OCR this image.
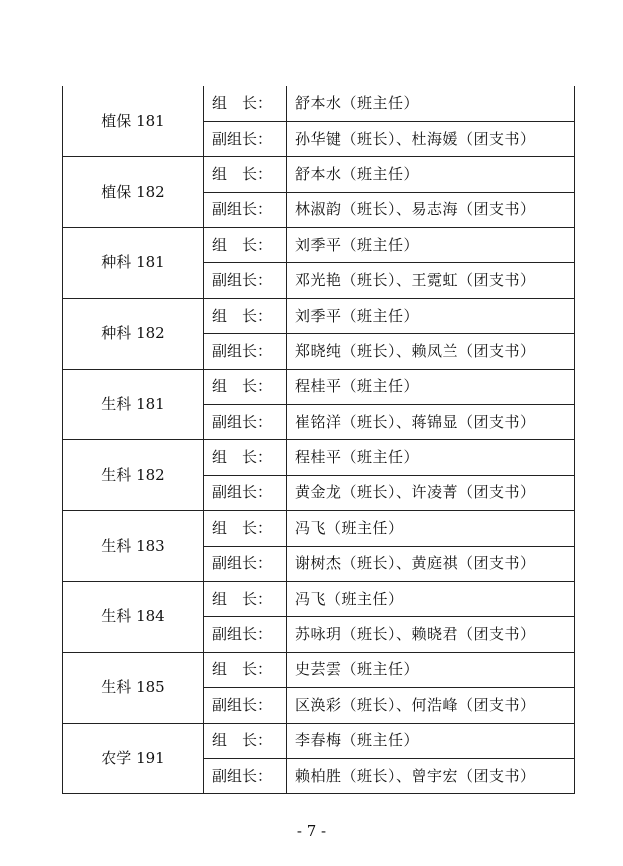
植保 181	组　长：	舒本水（班主任）
	副组长：	孙华键（班长）、杜海媛（团支书）
植保 182	组　长：	舒本水（班主任）
	副组长：	林淑韵（班长）、易志海（团支书）
种科 181	组　长：	刘季平（班主任）
	副组长：	邓光艳（班长）、王霓虹（团支书）
种科 182	组　长：	刘季平（班主任）
	副组长：	郑晓纯（班长）、赖凤兰（团支书）
生科 181	组　长：	程桂平（班主任）
	副组长：	崔铭洋（班长）、蒋锦显（团支书）
生科 182	组　长：	程桂平（班主任）
	副组长：	黄金龙（班长）、许凌菁（团支书）
生科 183	组　长：	冯飞（班主任）
	副组长：	谢树杰（班长）、黄庭祺（团支书）
生科 184	组　长：	冯飞（班主任）
	副组长：	苏咏玥（班长）、赖晓君（团支书）
生科 185	组　长：	史芸雲（班主任）
	副组长：	区涣彩（班长）、何浩峰（团支书）
农学 191	组　长：	李春梅（班主任）
	副组长：	赖柏胜（班长）、曾宇宏（团支书）
- 7 -
